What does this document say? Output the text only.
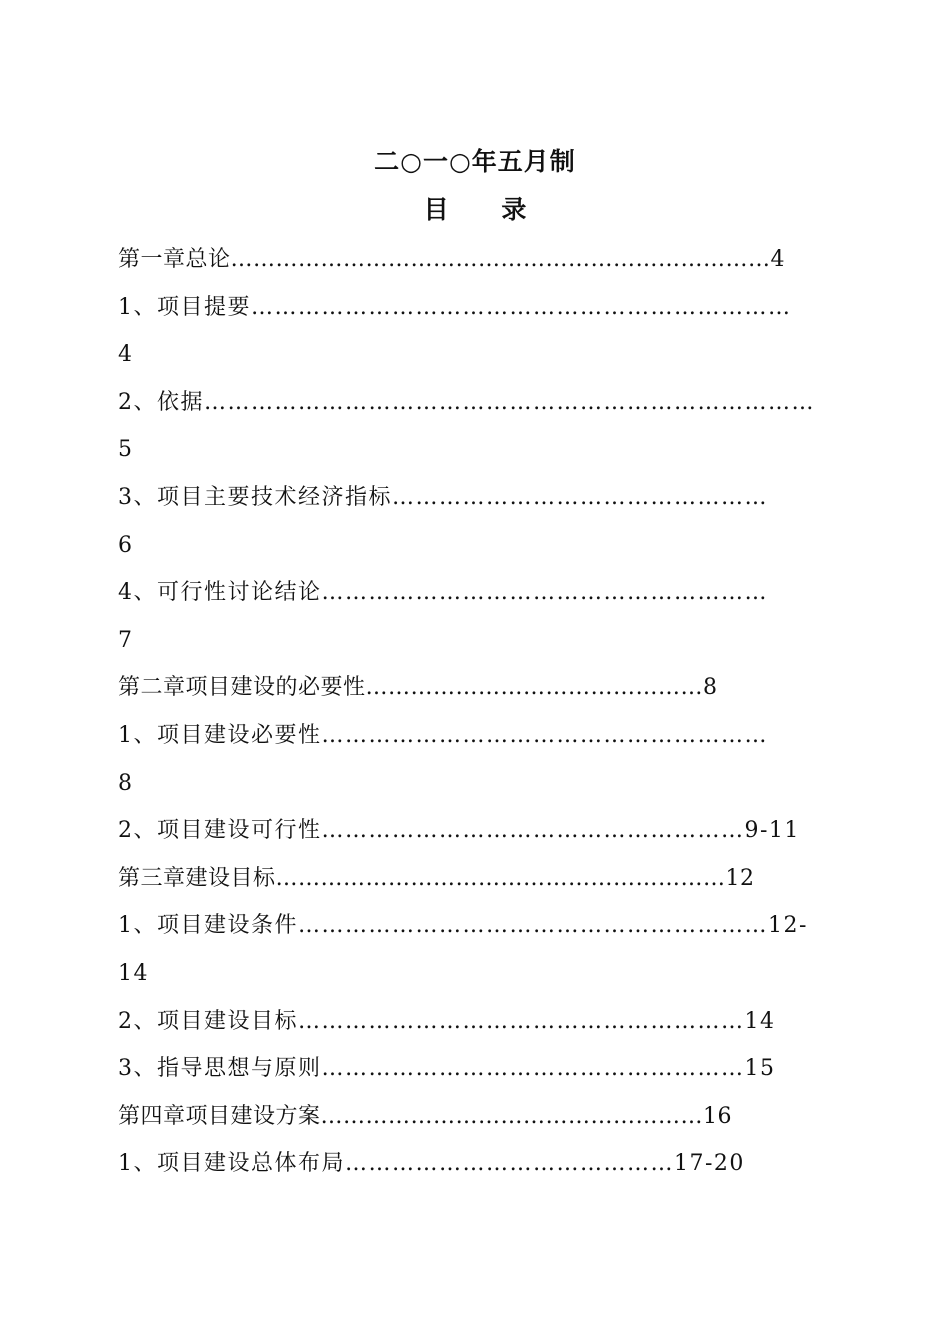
二○一○年五月制
目 录
第一章总论………………………………………………………………4
1、项目提要……………………………………………………………
4
2、依据……………………………………………………………………
5
3、项目主要技术经济指标…………………………………………
6
4、可行性讨论结论…………………………………………………
7
第二章项目建设的必要性………………………………………8
1、项目建设必要性…………………………………………………
8
2、项目建设可行性………………………………………………9-11
第三章建设目标……………………………………………………12
1、项目建设条件……………………………………………………12-
14
2、项目建设目标…………………………………………………14
3、指导思想与原则………………………………………………15
第四章项目建设方案……………………………………………16
1、项目建设总体布局……………………………………17-20
